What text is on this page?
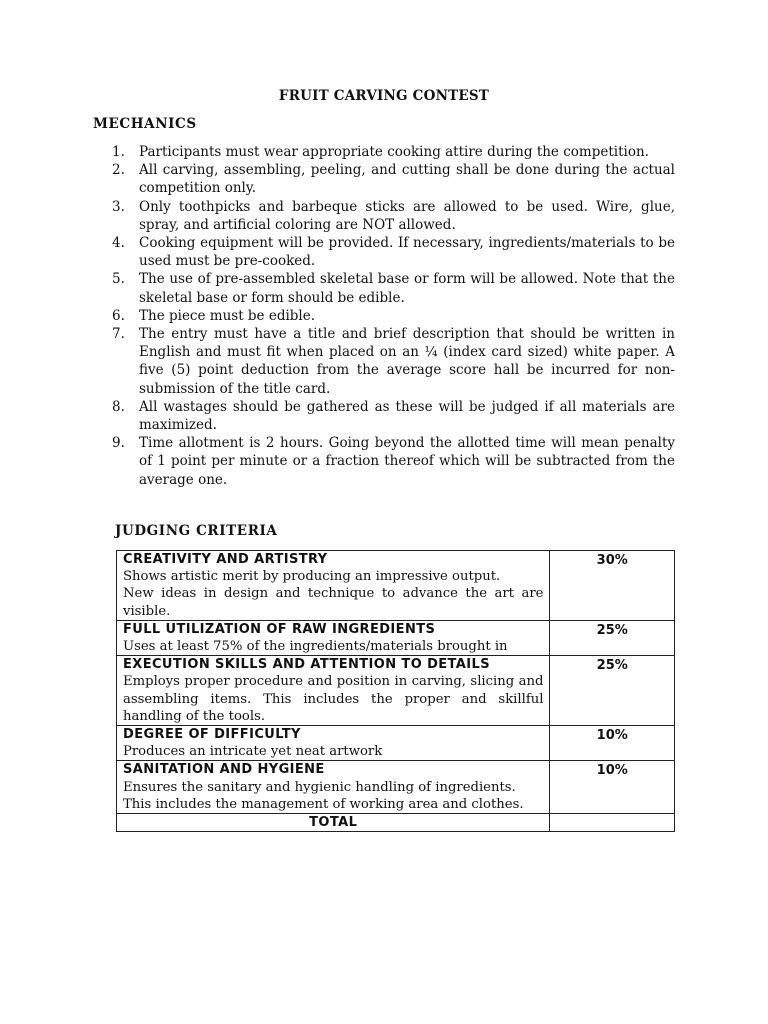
FRUIT CARVING CONTEST
MECHANICS
1. Participants must wear appropriate cooking attire during the competition.
2. All carving, assembling, peeling, and cutting shall be done during the actual competition only.
3. Only toothpicks and barbeque sticks are allowed to be used. Wire, glue, spray, and artificial coloring are NOT allowed.
4. Cooking equipment will be provided. If necessary, ingredients/materials to be used must be pre-cooked.
5. The use of pre-assembled skeletal base or form will be allowed. Note that the skeletal base or form should be edible.
6. The piece must be edible.
7. The entry must have a title and brief description that should be written in English and must fit when placed on an ¼ (index card sized) white paper. A five (5) point deduction from the average score hall be incurred for non-submission of the title card.
8. All wastages should be gathered as these will be judged if all materials are maximized.
9. Time allotment is 2 hours. Going beyond the allotted time will mean penalty of 1 point per minute or a fraction thereof which will be subtracted from the average one.
JUDGING CRITERIA
CREATIVITY AND ARTISTRY
Shows artistic merit by producing an impressive output.
New ideas in design and technique to advance the art are visible.	30%

FULL UTILIZATION OF RAW INGREDIENTS
Uses at least 75% of the ingredients/materials brought in	25%

EXECUTION SKILLS AND ATTENTION TO DETAILS
Employs proper procedure and position in carving, slicing and assembling items. This includes the proper and skillful handling of the tools.	25%

DEGREE OF DIFFICULTY
Produces an intricate yet neat artwork	10%

SANITATION AND HYGIENE
Ensures the sanitary and hygienic handling of ingredients.
This includes the management of working area and clothes.	10%
TOTAL	
